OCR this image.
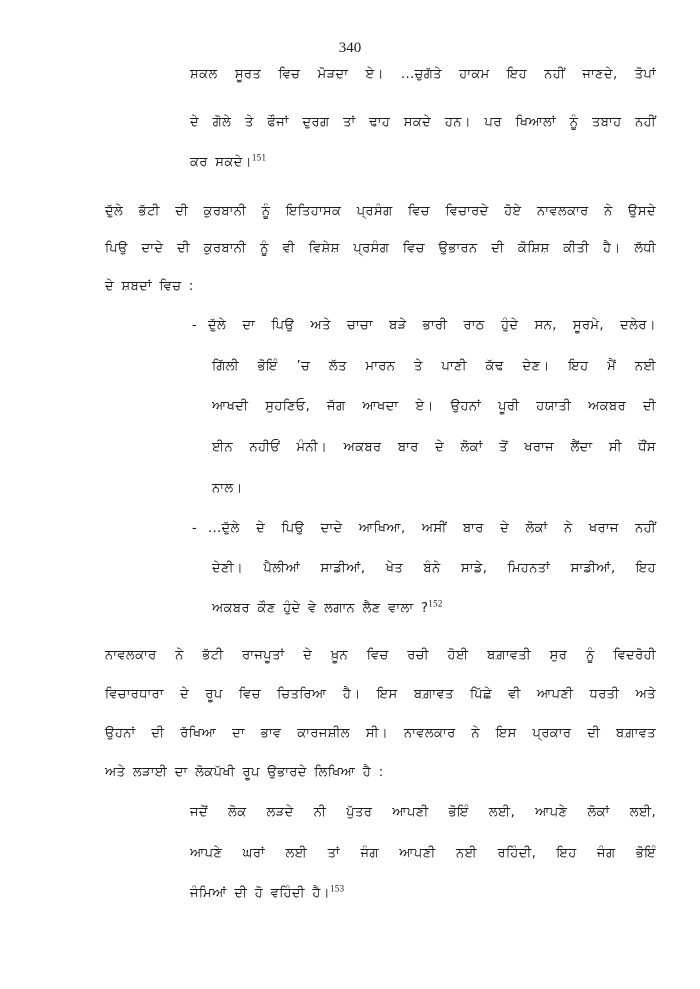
340
ਸ਼ਕਲ ਸੂਰਤ ਵਿਚ ਮੋੜਦਾ ਏ। ...ਚੁਗੱਤੇ ਹਾਕਮ ਇਹ ਨਹੀਂ ਜਾਣਦੇ, ਤੋਪਾਂ
ਦੇ ਗੋਲੇ ਤੇ ਫੌਜਾਂ ਦੁਰਗ ਤਾਂ ਢਾਹ ਸਕਦੇ ਹਨ। ਪਰ ਖਿਆਲਾਂ ਨੂੰ ਤਬਾਹ ਨਹੀਂ
ਕਰ ਸਕਦੇ।$^{151}$
ਦੁੱਲੇ ਭੱਟੀ ਦੀ ਕੁਰਬਾਨੀ ਨੂੰ ਇਤਿਹਾਸਕ ਪ੍ਰਸੰਗ ਵਿਚ ਵਿਚਾਰਦੇ ਹੋਏ ਨਾਵਲਕਾਰ ਨੇ ਉਸਦੇ
ਪਿਉ ਦਾਦੇ ਦੀ ਕੁਰਬਾਨੀ ਨੂੰ ਵੀ ਵਿਸ਼ੇਸ਼ ਪ੍ਰਸੰਗ ਵਿਚ ਉਭਾਰਨ ਦੀ ਕੋਸ਼ਿਸ਼ ਕੀਤੀ ਹੈ। ਲੱਧੀ
ਦੇ ਸ਼ਬਦਾਂ ਵਿਚ :
- ਦੁੱਲੇ ਦਾ ਪਿਉ ਅਤੇ ਚਾਚਾ ਬੜੇ ਭਾਰੀ ਰਾਠ ਹੁੰਦੇ ਸਨ, ਸੂਰਮੇ, ਦਲੇਰ।
ਗਿੱਲੀ ਭੋਇੰ ’ਚ ਲੱਤ ਮਾਰਨ ਤੇ ਪਾਣੀ ਕੱਢ ਦੇਣ। ਇਹ ਮੈਂ ਨਈ
ਆਖਦੀ ਸੁਹਣਿਓ, ਜੱਗ ਆਖਦਾ ਏ। ਉਹਨਾਂ ਪੂਰੀ ਹਯਾਤੀ ਅਕਬਰ ਦੀ
ਈਨ ਨਹੀਓਂ ਮੰਨੀ। ਅਕਬਰ ਬਾਰ ਦੇ ਲੋਕਾਂ ਤੋਂ ਖਰਾਜ ਲੈਂਦਾ ਸੀ ਧੌਂਸ
ਨਾਲ।
- ...ਦੁੱਲੇ ਦੇ ਪਿਉ ਦਾਦੇ ਆਖਿਆ, ਅਸੀਂ ਬਾਰ ਦੇ ਲੋਕਾਂ ਨੇ ਖਰਾਜ ਨਹੀਂ
ਦੇਣੀ। ਪੈਲੀਆਂ ਸਾਡੀਆਂ, ਖੇਤ ਬੰਨੇ ਸਾਡੇ, ਮਿਹਨਤਾਂ ਸਾਡੀਆਂ, ਇਹ
ਅਕਬਰ ਕੌਣ ਹੁੰਦੇ ਵੇ ਲਗਾਨ ਲੈਣ ਵਾਲਾ ?$^{152}$
ਨਾਵਲਕਾਰ ਨੇ ਭੱਟੀ ਰਾਜਪੂਤਾਂ ਦੇ ਖ਼ੂਨ ਵਿਚ ਰਚੀ ਹੋਈ ਬਗ਼ਾਵਤੀ ਸੁਰ ਨੂੰ ਵਿਦਰੋਹੀ
ਵਿਚਾਰਧਾਰਾ ਦੇ ਰੂਪ ਵਿਚ ਚਿਤਰਿਆ ਹੈ। ਇਸ ਬਗ਼ਾਵਤ ਪਿੱਛੇ ਵੀ ਆਪਣੀ ਧਰਤੀ ਅਤੇ
ਉਹਨਾਂ ਦੀ ਰੱਖਿਆ ਦਾ ਭਾਵ ਕਾਰਜਸ਼ੀਲ ਸੀ। ਨਾਵਲਕਾਰ ਨੇ ਇਸ ਪ੍ਰਕਾਰ ਦੀ ਬਗ਼ਾਵਤ
ਅਤੇ ਲੜਾਈ ਦਾ ਲੋਕਪੱਖੀ ਰੂਪ ਉਭਾਰਦੇ ਲਿਖਿਆ ਹੈ :
ਜਦੋਂ ਲੋਕ ਲੜਦੇ ਨੀ ਪੁੱਤਰ ਆਪਣੀ ਭੋਇੰ ਲਈ, ਆਪਣੇ ਲੋਕਾਂ ਲਈ,
ਆਪਣੇ ਘਰਾਂ ਲਈ ਤਾਂ ਜੰਗ ਆਪਣੀ ਨਈ ਰਹਿੰਦੀ, ਇਹ ਜੰਗ ਭੋਇੰ
ਜੰਮਿਆਂ ਦੀ ਹੋ ਵਹਿੰਦੀ ਹੈ।$^{153}$
